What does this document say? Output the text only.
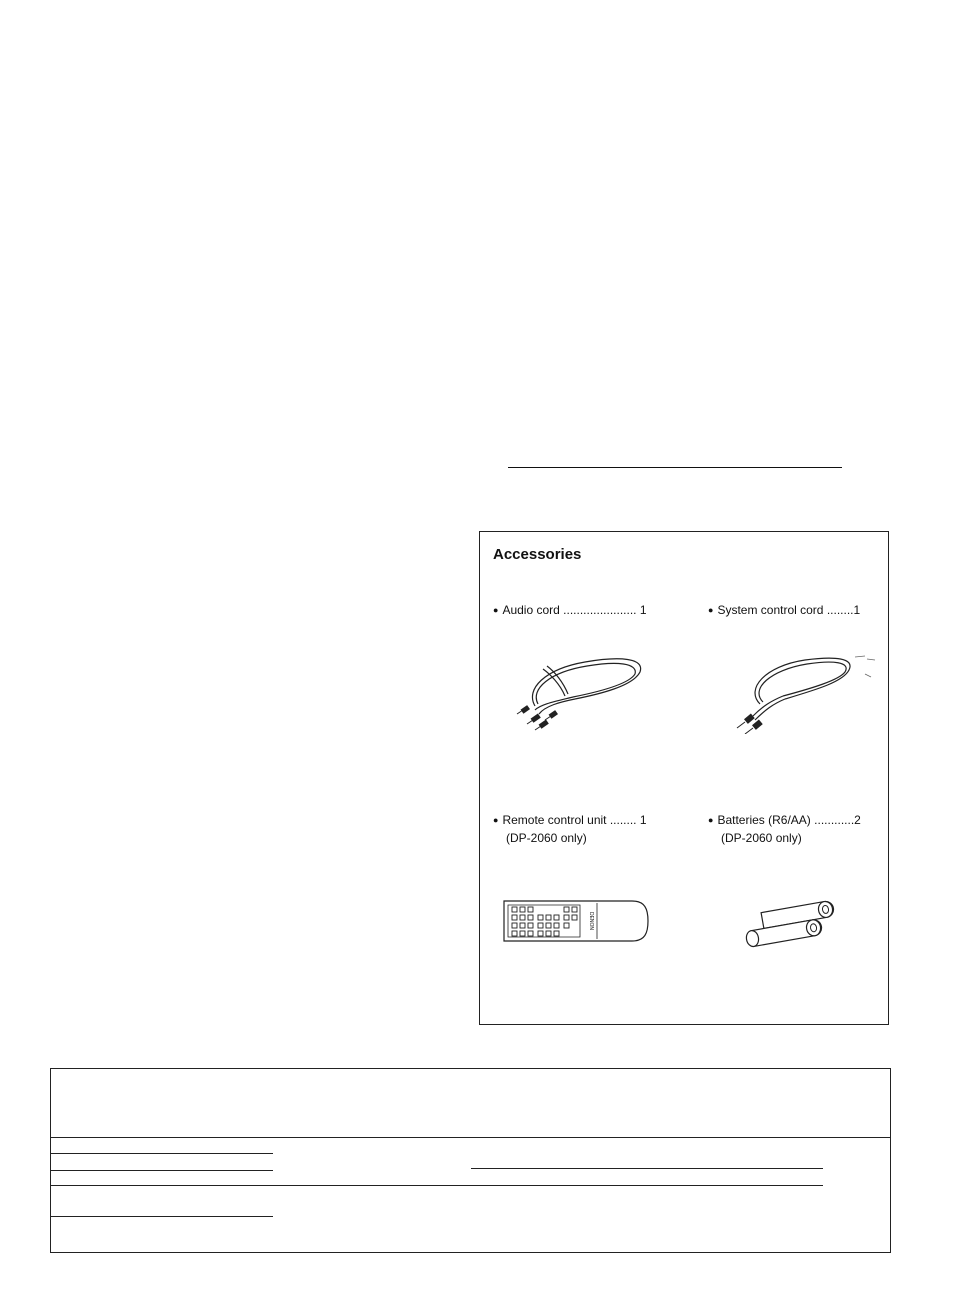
Accessories
● Audio cord ...................... 1	● System control cord ........1
● Remote control unit ........ 1
(DP-2060 only)
● Batteries (R6/AA) ............2
(DP-2060 only)
DENON
